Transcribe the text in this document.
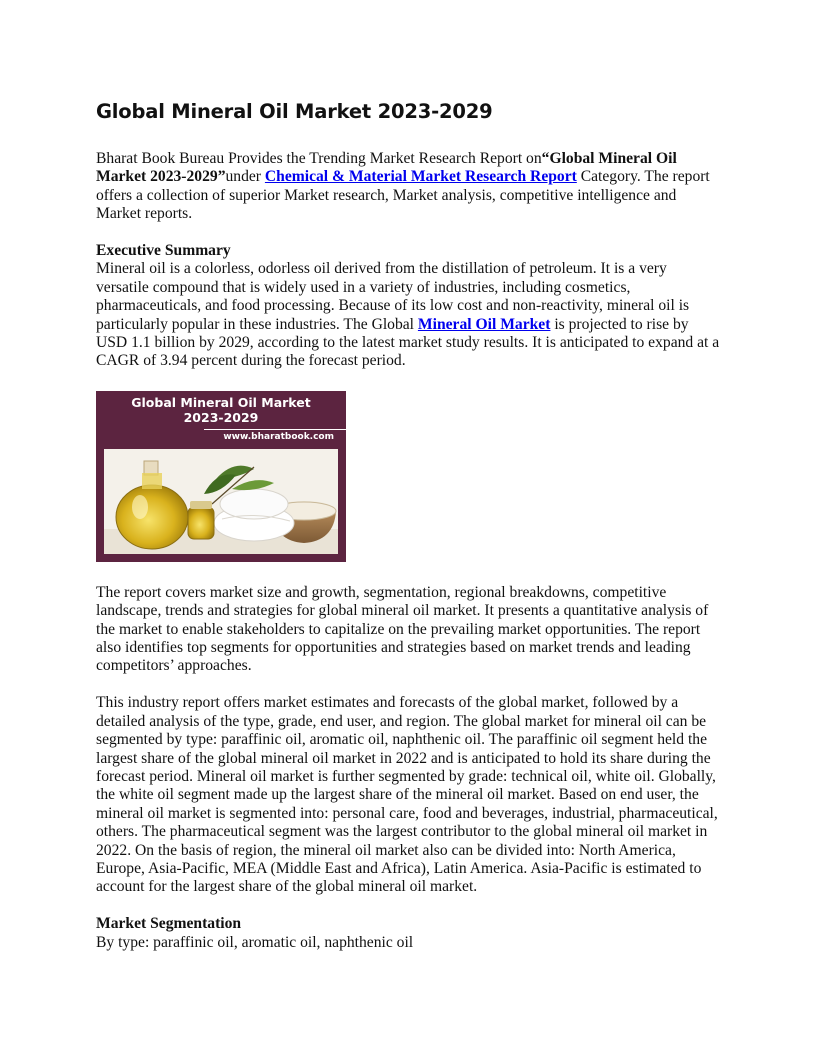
Global Mineral Oil Market 2023-2029

Bharat Book Bureau Provides the Trending Market Research Report on“Global Mineral Oil Market 2023-2029”under Chemical & Material Market Research Report Category. The report offers a collection of superior Market research, Market analysis, competitive intelligence and Market reports.

Executive Summary
Mineral oil is a colorless, odorless oil derived from the distillation of petroleum. It is a very versatile compound that is widely used in a variety of industries, including cosmetics, pharmaceuticals, and food processing. Because of its low cost and non-reactivity, mineral oil is particularly popular in these industries. The Global Mineral Oil Market is projected to rise by USD 1.1 billion by 2029, according to the latest market study results. It is anticipated to expand at a CAGR of 3.94 percent during the forecast period.

Global Mineral Oil Market
2023-2029
www.bharatbook.com

The report covers market size and growth, segmentation, regional breakdowns, competitive landscape, trends and strategies for global mineral oil market. It presents a quantitative analysis of the market to enable stakeholders to capitalize on the prevailing market opportunities. The report also identifies top segments for opportunities and strategies based on market trends and leading competitors’ approaches.

This industry report offers market estimates and forecasts of the global market, followed by a detailed analysis of the type, grade, end user, and region. The global market for mineral oil can be segmented by type: paraffinic oil, aromatic oil, naphthenic oil. The paraffinic oil segment held the largest share of the global mineral oil market in 2022 and is anticipated to hold its share during the forecast period. Mineral oil market is further segmented by grade: technical oil, white oil. Globally, the white oil segment made up the largest share of the mineral oil market. Based on end user, the mineral oil market is segmented into: personal care, food and beverages, industrial, pharmaceutical, others. The pharmaceutical segment was the largest contributor to the global mineral oil market in 2022. On the basis of region, the mineral oil market also can be divided into: North America, Europe, Asia-Pacific, MEA (Middle East and Africa), Latin America. Asia-Pacific is estimated to account for the largest share of the global mineral oil market.

Market Segmentation
By type: paraffinic oil, aromatic oil, naphthenic oil
